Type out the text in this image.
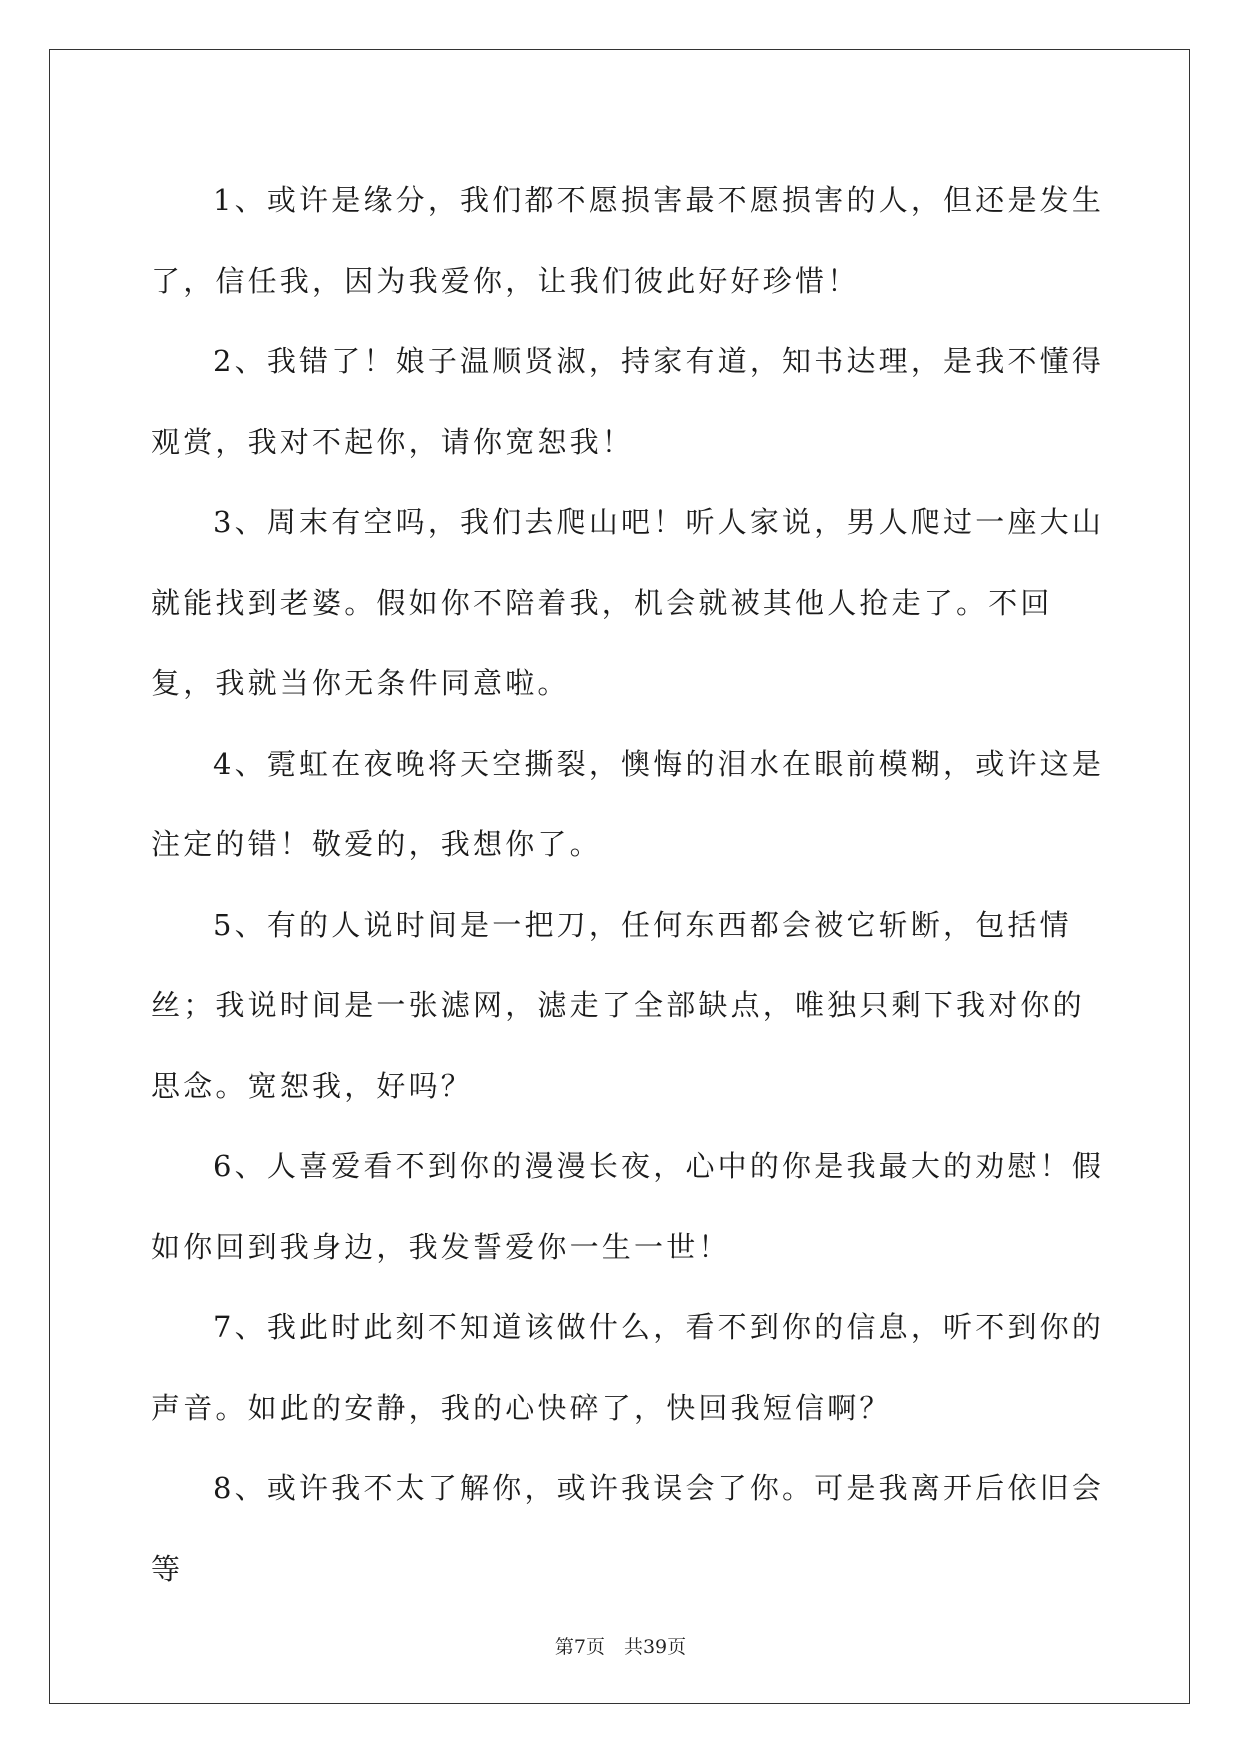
1、或许是缘分，我们都不愿损害最不愿损害的人，但还是发生了，信任我，因为我爱你，让我们彼此好好珍惜！

2、我错了！娘子温顺贤淑，持家有道，知书达理，是我不懂得观赏，我对不起你，请你宽恕我！

3、周末有空吗，我们去爬山吧！听人家说，男人爬过一座大山就能找到老婆。假如你不陪着我，机会就被其他人抢走了。不回复，我就当你无条件同意啦。

4、霓虹在夜晚将天空撕裂，懊悔的泪水在眼前模糊，或许这是注定的错！敬爱的，我想你了。

5、有的人说时间是一把刀，任何东西都会被它斩断，包括情丝；我说时间是一张滤网，滤走了全部缺点，唯独只剩下我对你的思念。宽恕我，好吗？

6、人喜爱看不到你的漫漫长夜，心中的你是我最大的劝慰！假如你回到我身边，我发誓爱你一生一世！

7、我此时此刻不知道该做什么，看不到你的信息，听不到你的声音。如此的安静，我的心快碎了，快回我短信啊？

8、或许我不太了解你，或许我误会了你。可是我离开后依旧会等

第7页　共39页
